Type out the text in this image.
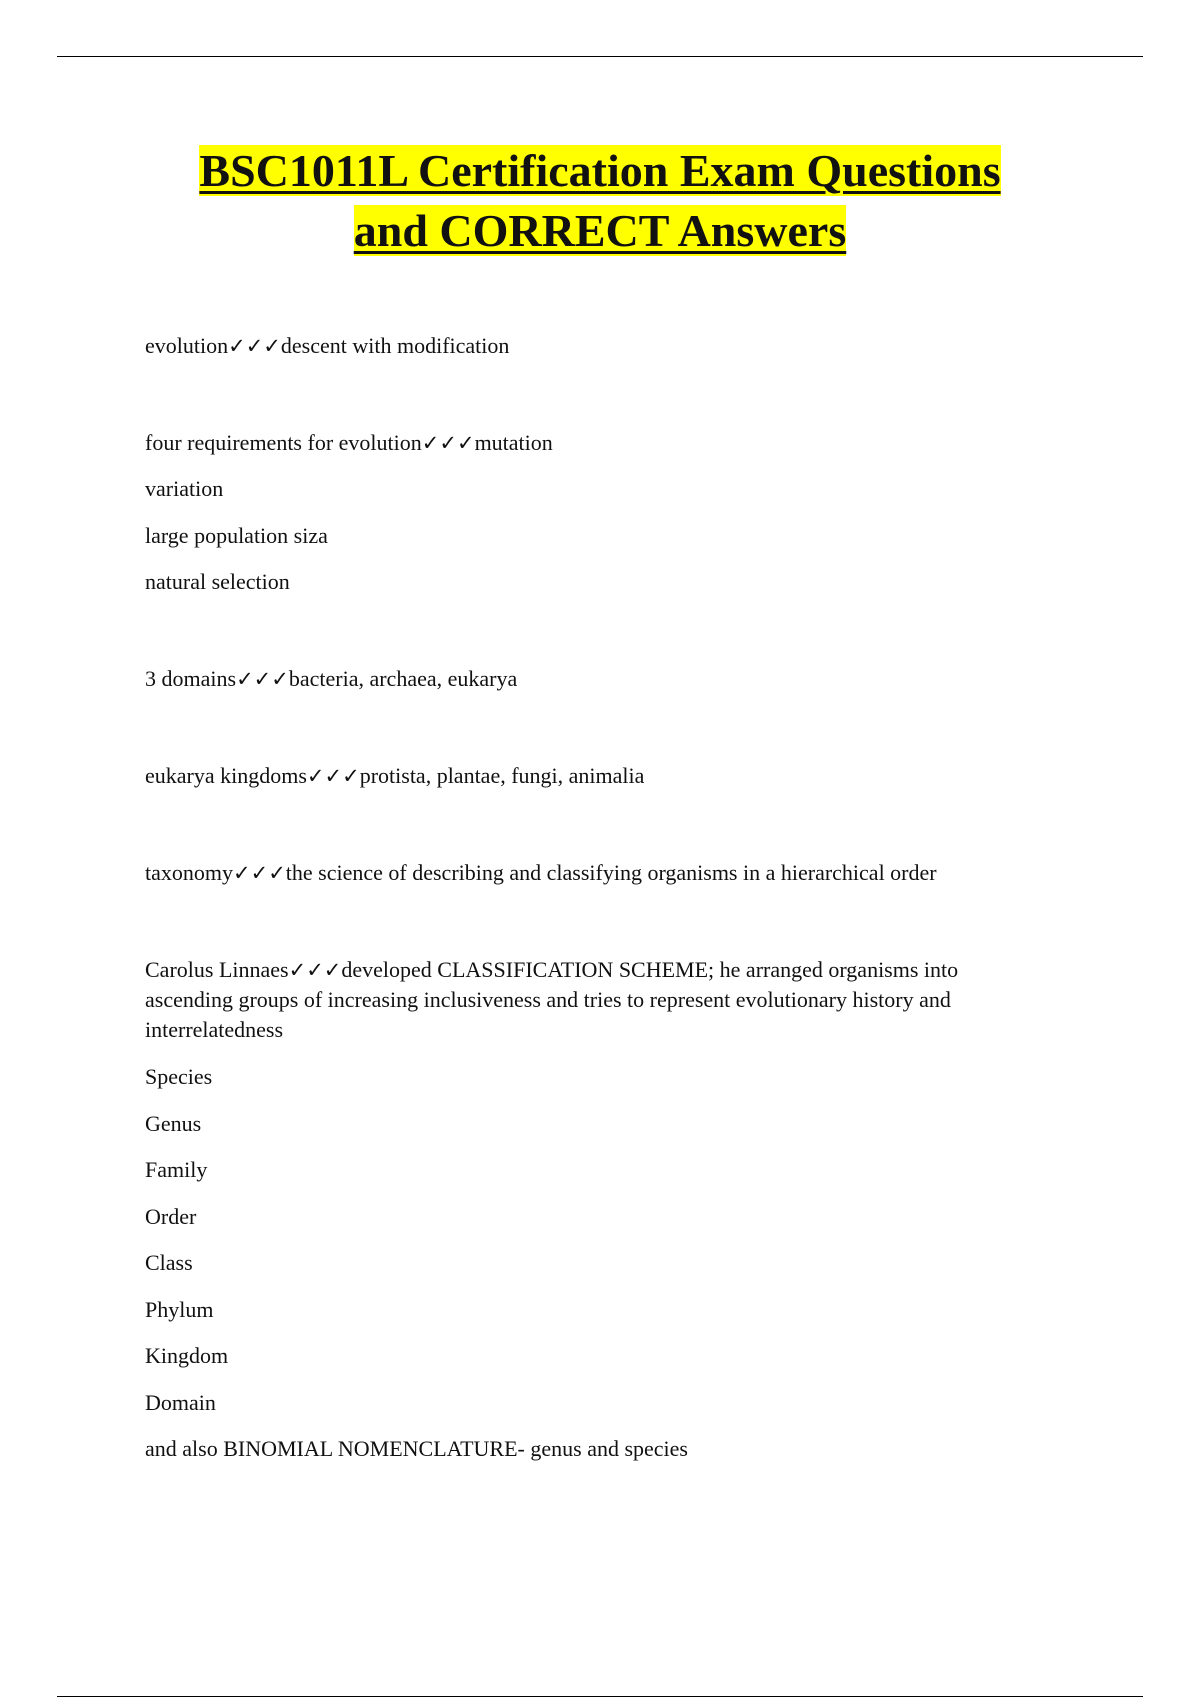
BSC1011L Certification Exam Questions
and CORRECT Answers

evolution✓✓✓descent with modification

four requirements for evolution✓✓✓mutation

variation

large population siza

natural selection

3 domains✓✓✓bacteria, archaea, eukarya

eukarya kingdoms✓✓✓protista, plantae, fungi, animalia

taxonomy✓✓✓the science of describing and classifying organisms in a hierarchical order

Carolus Linnaes✓✓✓developed CLASSIFICATION SCHEME; he arranged organisms into ascending groups of increasing inclusiveness and tries to represent evolutionary history and interrelatedness

Species

Genus

Family

Order

Class

Phylum

Kingdom

Domain

and also BINOMIAL NOMENCLATURE- genus and species
